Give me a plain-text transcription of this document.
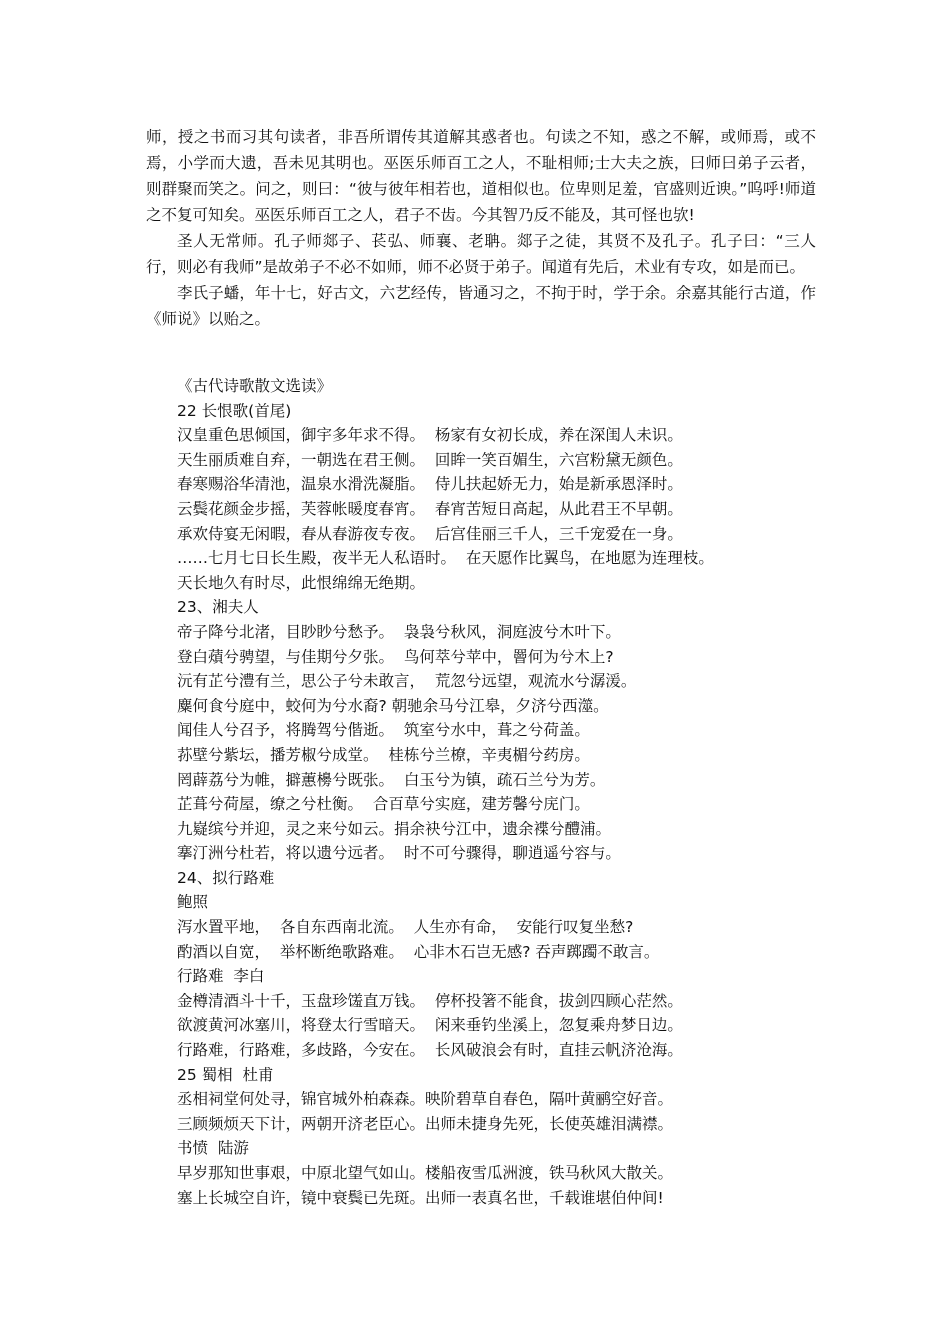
师，授之书而习其句读者，非吾所谓传其道解其惑者也。句读之不知，惑之不解，或师焉，或不焉，小学而大遗，吾未见其明也。巫医乐师百工之人，不耻相师;士大夫之族，曰师曰弟子云者，则群聚而笑之。问之，则曰：“彼与彼年相若也，道相似也。位卑则足羞，官盛则近谀。”呜呼!师道之不复可知矣。巫医乐师百工之人，君子不齿。今其智乃反不能及，其可怪也欤!

圣人无常师。孔子师郯子、苌弘、师襄、老聃。郯子之徒，其贤不及孔子。孔子曰：“三人行，则必有我师”是故弟子不必不如师，师不必贤于弟子。闻道有先后，术业有专攻，如是而已。

李氏子蟠，年十七，好古文，六艺经传，皆通习之，不拘于时，学于余。余嘉其能行古道，作《师说》以贻之。

《古代诗歌散文选读》
22 长恨歌(首尾)
汉皇重色思倾国，御宇多年求不得。  杨家有女初长成，养在深闺人未识。
天生丽质难自弃，一朝选在君王侧。  回眸一笑百媚生，六宫粉黛无颜色。
春寒赐浴华清池，温泉水滑洗凝脂。  侍儿扶起娇无力，始是新承恩泽时。
云鬓花颜金步摇，芙蓉帐暖度春宵。  春宵苦短日高起，从此君王不早朝。
承欢侍宴无闲暇，春从春游夜专夜。  后宫佳丽三千人，三千宠爱在一身。
……七月七日长生殿，夜半无人私语时。  在天愿作比翼鸟，在地愿为连理枝。
天长地久有时尽，此恨绵绵无绝期。
23、湘夫人
帝子降兮北渚，目眇眇兮愁予。  袅袅兮秋风，洞庭波兮木叶下。
登白薠兮骋望，与佳期兮夕张。  鸟何萃兮苹中，罾何为兮木上?
沅有芷兮澧有兰，思公子兮未敢言，  荒忽兮远望，观流水兮潺湲。
麋何食兮庭中，蛟何为兮水裔? 朝驰余马兮江皋，夕济兮西澨。
闻佳人兮召予，将腾驾兮偕逝。  筑室兮水中，葺之兮荷盖。
荪壁兮紫坛，播芳椒兮成堂。  桂栋兮兰橑，辛夷楣兮药房。
罔薜荔兮为帷，擗蕙櫋兮既张。  白玉兮为镇，疏石兰兮为芳。
芷葺兮荷屋，缭之兮杜衡。  合百草兮实庭，建芳馨兮庑门。
九嶷缤兮并迎，灵之来兮如云。捐余袂兮江中，遗余褋兮醴浦。
搴汀洲兮杜若，将以遗兮远者。  时不可兮骤得，聊逍遥兮容与。
24、拟行路难
鲍照
泻水置平地，  各自东西南北流。  人生亦有命，  安能行叹复坐愁?
酌酒以自宽，  举杯断绝歌路难。  心非木石岂无感? 吞声踯躅不敢言。
行路难  李白
金樽清酒斗十千，玉盘珍馐直万钱。  停杯投箸不能食，拔剑四顾心茫然。
欲渡黄河冰塞川，将登太行雪暗天。  闲来垂钓坐溪上，忽复乘舟梦日边。
行路难，行路难，多歧路，今安在。  长风破浪会有时，直挂云帆济沧海。
25 蜀相  杜甫
丞相祠堂何处寻，锦官城外柏森森。映阶碧草自春色，隔叶黄鹂空好音。
三顾频烦天下计，两朝开济老臣心。出师未捷身先死，长使英雄泪满襟。
书愤  陆游
早岁那知世事艰，中原北望气如山。楼船夜雪瓜洲渡，铁马秋风大散关。
塞上长城空自许，镜中衰鬓已先斑。出师一表真名世，千载谁堪伯仲间!
